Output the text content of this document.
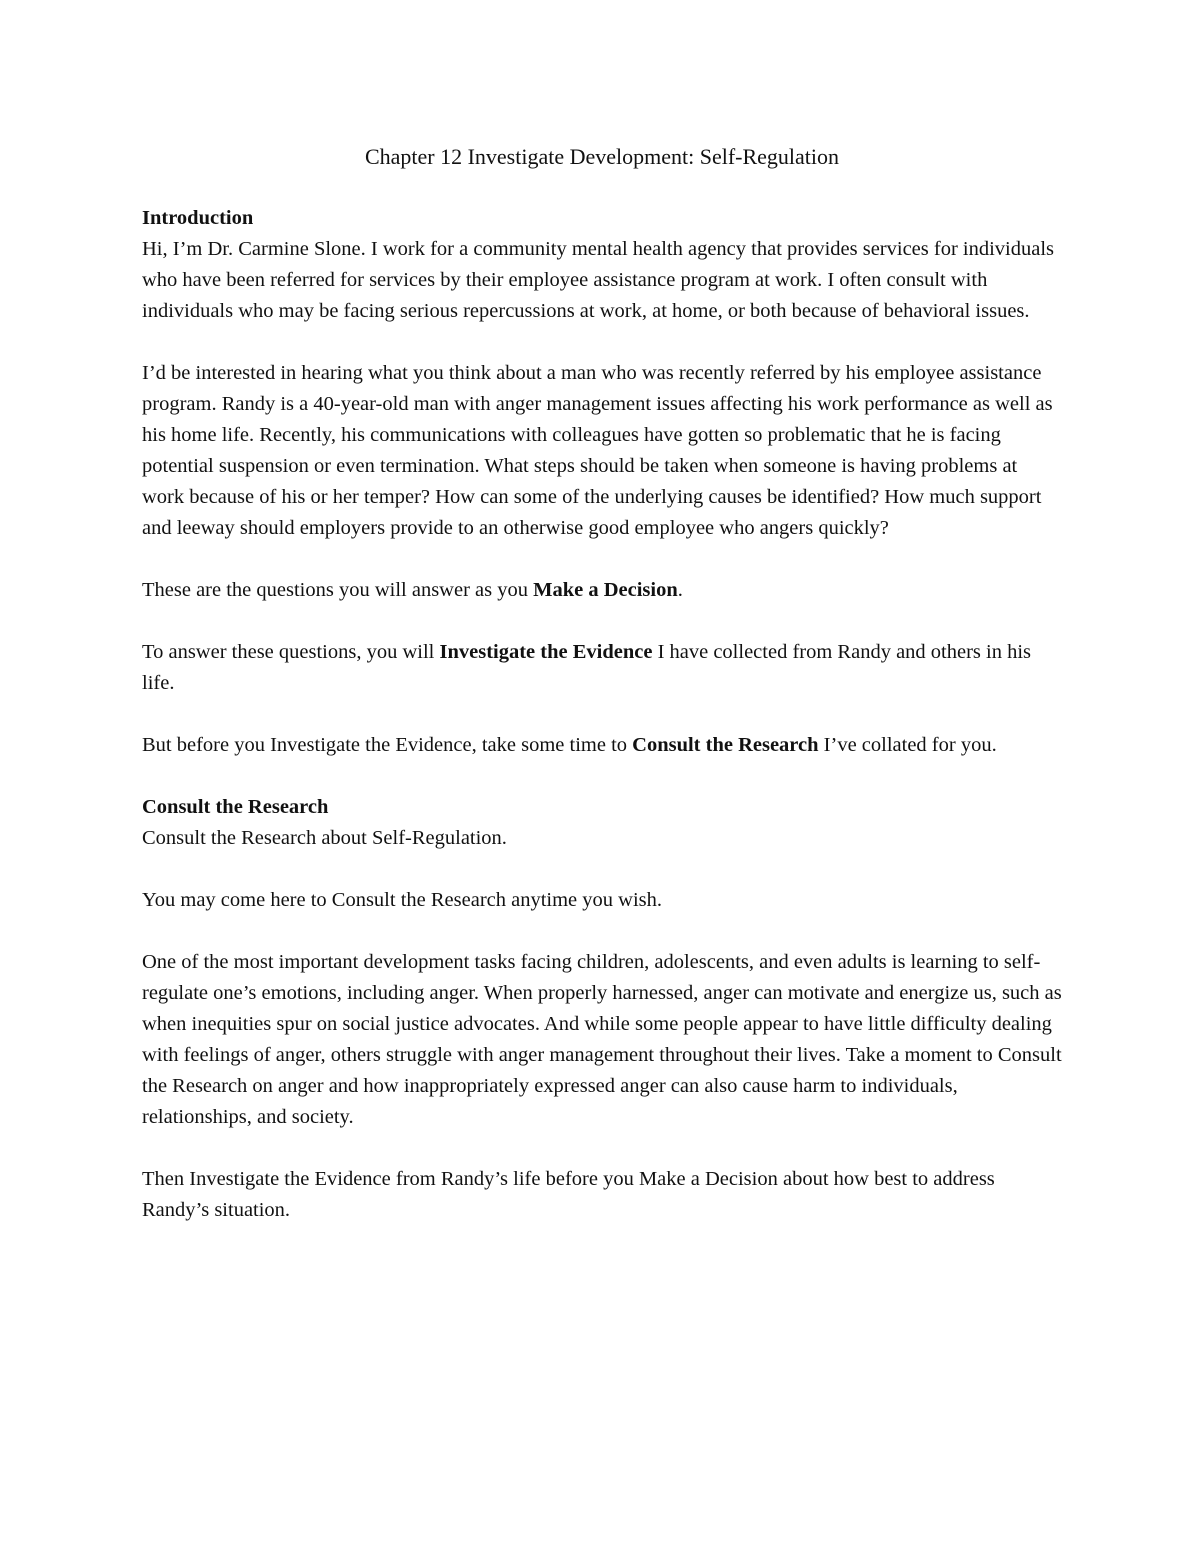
Chapter 12 Investigate Development: Self-Regulation
Introduction

Hi, I’m Dr. Carmine Slone. I work for a community mental health agency that provides services for individuals who have been referred for services by their employee assistance program at work. I often consult with individuals who may be facing serious repercussions at work, at home, or both because of behavioral issues.

I’d be interested in hearing what you think about a man who was recently referred by his employee assistance program. Randy is a 40-year-old man with anger management issues affecting his work performance as well as his home life. Recently, his communications with colleagues have gotten so problematic that he is facing potential suspension or even termination. What steps should be taken when someone is having problems at work because of his or her temper? How can some of the underlying causes be identified? How much support and leeway should employers provide to an otherwise good employee who angers quickly?

These are the questions you will answer as you Make a Decision.

To answer these questions, you will Investigate the Evidence I have collected from Randy and others in his life.

But before you Investigate the Evidence, take some time to Consult the Research I’ve collated for you.

Consult the Research

Consult the Research about Self-Regulation.

You may come here to Consult the Research anytime you wish.

One of the most important development tasks facing children, adolescents, and even adults is learning to self-regulate one’s emotions, including anger. When properly harnessed, anger can motivate and energize us, such as when inequities spur on social justice advocates. And while some people appear to have little difficulty dealing with feelings of anger, others struggle with anger management throughout their lives. Take a moment to Consult the Research on anger and how inappropriately expressed anger can also cause harm to individuals, relationships, and society.

Then Investigate the Evidence from Randy’s life before you Make a Decision about how best to address Randy’s situation.
